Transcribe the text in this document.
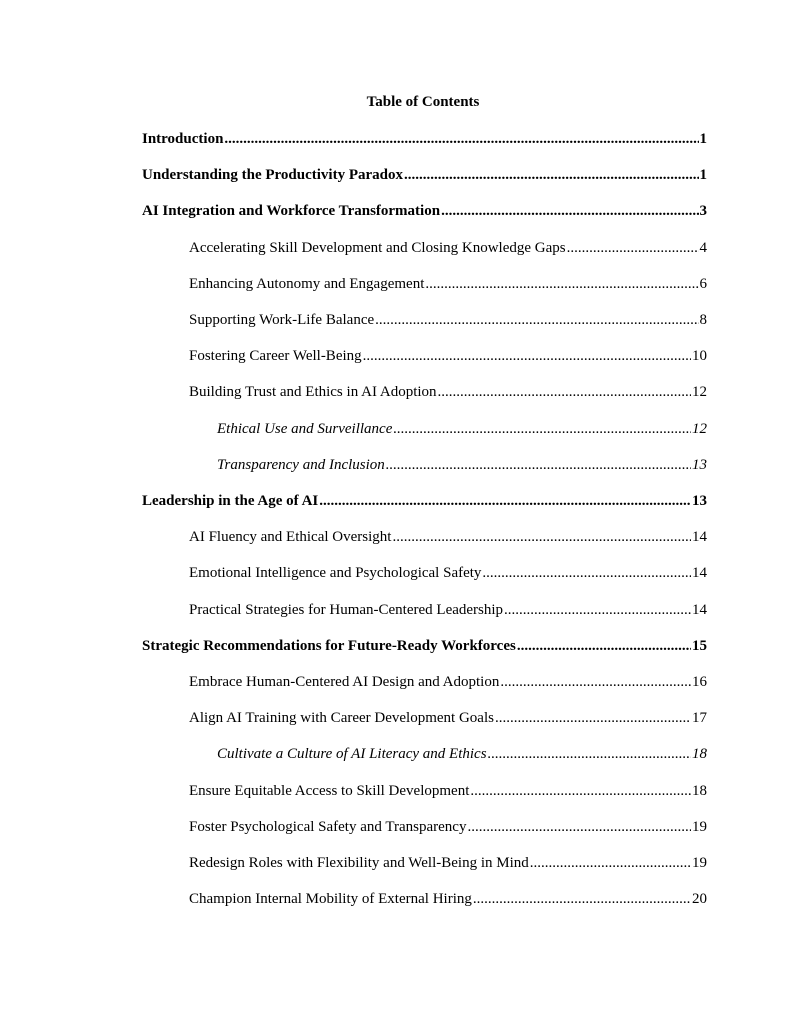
Table of Contents
Introduction .....	1
Understanding the Productivity Paradox .....	1
AI Integration and Workforce Transformation .....	3
Accelerating Skill Development and Closing Knowledge Gaps .....	4
Enhancing Autonomy and Engagement .....	6
Supporting Work-Life Balance .....	8
Fostering Career Well-Being .....	10
Building Trust and Ethics in AI Adoption .....	12
Ethical Use and Surveillance .....	12
Transparency and Inclusion .....	13
Leadership in the Age of AI .....	13
AI Fluency and Ethical Oversight .....	14
Emotional Intelligence and Psychological Safety .....	14
Practical Strategies for Human-Centered Leadership .....	14
Strategic Recommendations for Future-Ready Workforces .....	15
Embrace Human-Centered AI Design and Adoption .....	16
Align AI Training with Career Development Goals .....	17
Cultivate a Culture of AI Literacy and Ethics .....	18
Ensure Equitable Access to Skill Development .....	18
Foster Psychological Safety and Transparency .....	19
Redesign Roles with Flexibility and Well-Being in Mind .....	19
Champion Internal Mobility of External Hiring .....	20
